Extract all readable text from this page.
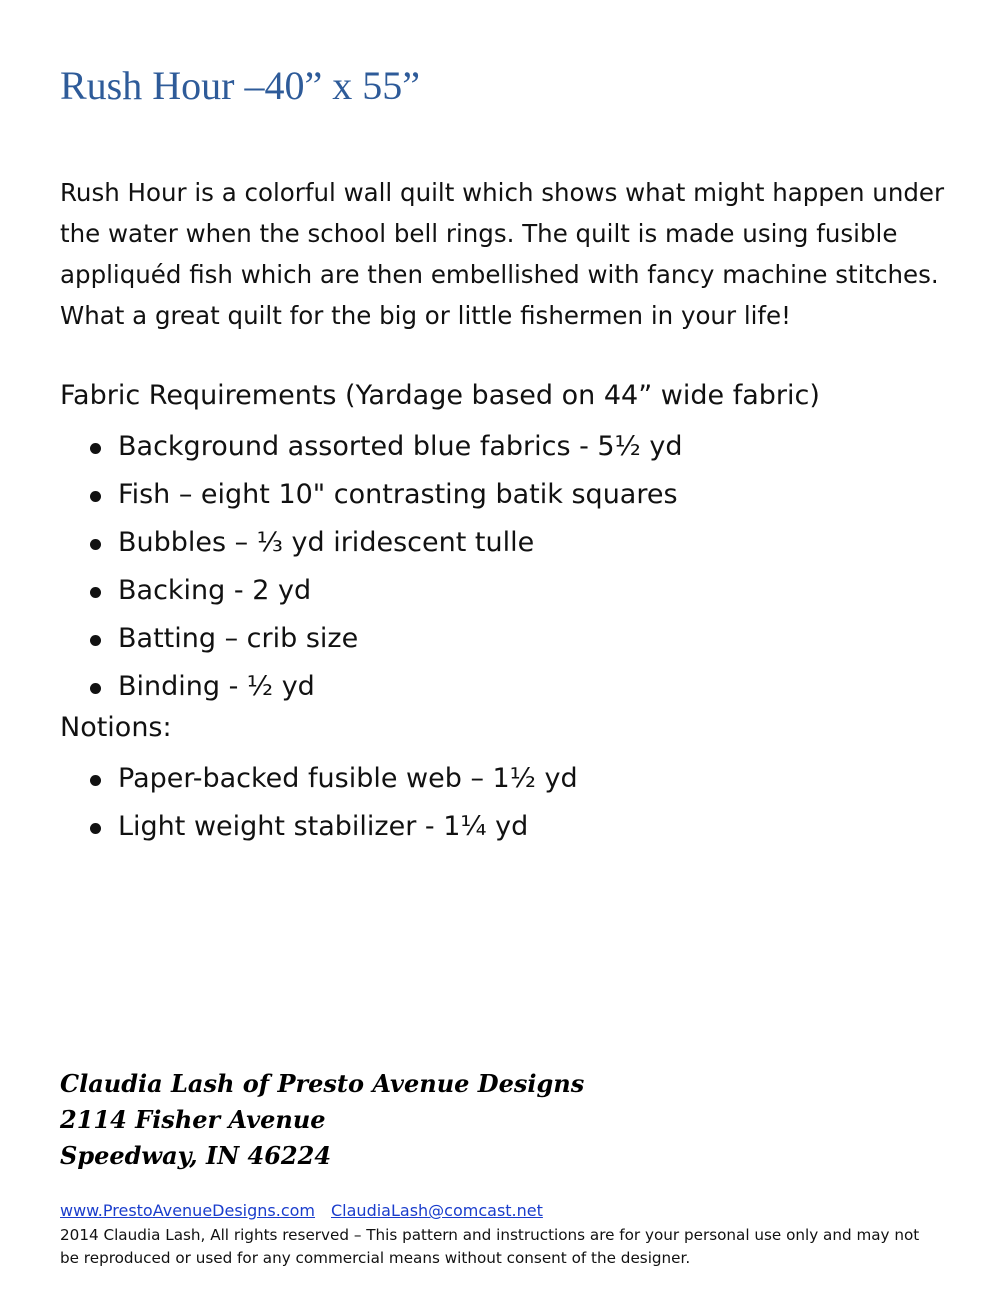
Rush Hour –40” x 55”
Rush Hour is a colorful wall quilt which shows what might happen under the water when the school bell rings. The quilt is made using fusible appliquéd fish which are then embellished with fancy machine stitches. What a great quilt for the big or little fishermen in your life!
Fabric Requirements (Yardage based on 44” wide fabric)
Background assorted blue fabrics - 5½ yd
Fish – eight 10" contrasting batik squares
Bubbles – ⅓ yd iridescent tulle
Backing - 2 yd
Batting – crib size
Binding - ½ yd
Notions:
Paper-backed fusible web – 1½ yd
Light weight stabilizer - 1¼ yd
Claudia Lash of Presto Avenue Designs
2114 Fisher Avenue
Speedway, IN 46224
www.PrestoAvenueDesigns.com ClaudiaLash@comcast.net
2014 Claudia Lash, All rights reserved – This pattern and instructions are for your personal use only and may not be reproduced or used for any commercial means without consent of the designer.
